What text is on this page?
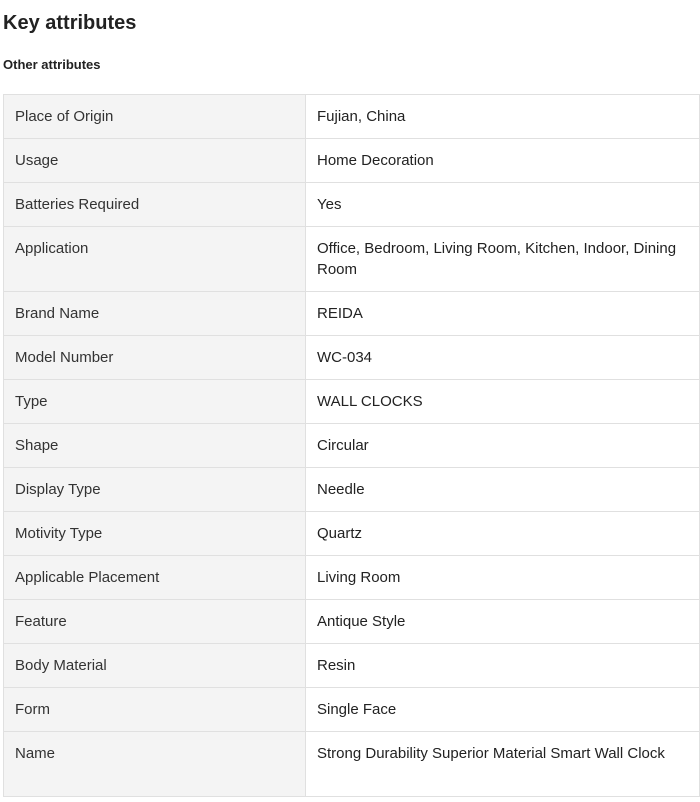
Key attributes
Other attributes
Place of Origin	Fujian, China
Usage	Home Decoration
Batteries Required	Yes
Application	Office, Bedroom, Living Room, Kitchen, Indoor, Dining Room
Brand Name	REIDA
Model Number	WC-034
Type	WALL CLOCKS
Shape	Circular
Display Type	Needle
Motivity Type	Quartz
Applicable Placement	Living Room
Feature	Antique Style
Body Material	Resin
Form	Single Face
Name	Strong Durability Superior Material Smart Wall Clock
